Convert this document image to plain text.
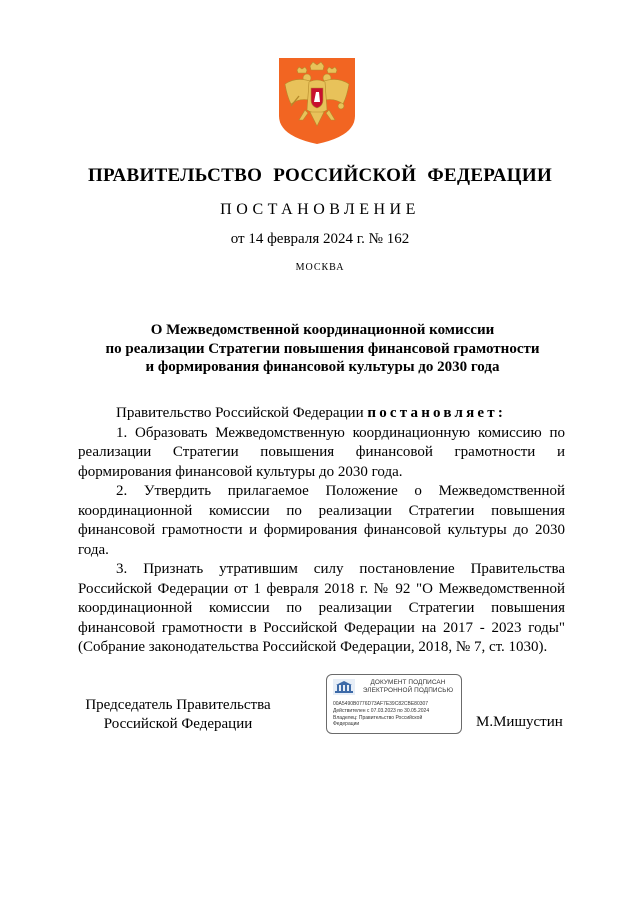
ПРАВИТЕЛЬСТВО РОССИЙСКОЙ ФЕДЕРАЦИИ
ПОСТАНОВЛЕНИЕ
от 14 февраля 2024 г. № 162
МОСКВА
О Межведомственной координационной комиссии
по реализации Стратегии повышения финансовой грамотности
и формирования финансовой культуры до 2030 года

Правительство Российской Федерации постановляет:

1. Образовать Межведомственную координационную комиссию по реализации Стратегии повышения финансовой грамотности и формирования финансовой культуры до 2030 года.

2. Утвердить прилагаемое Положение о Межведомственной координационной комиссии по реализации Стратегии повышения финансовой грамотности и формирования финансовой культуры до 2030 года.

3. Признать утратившим силу постановление Правительства Российской Федерации от 1 февраля 2018 г. № 92 "О Межведомственной координационной комиссии по реализации Стратегии повышения финансовой грамотности в Российской Федерации на 2017 - 2023 годы" (Собрание законодательства Российской Федерации, 2018, № 7, ст. 1030).

Председатель Правительства
Российской Федерации
ДОКУМЕНТ ПОДПИСАН
ЭЛЕКТРОННОЙ ПОДПИСЬЮ
00A5490B0776D73AF7E39C82CBE80307
Действителен с 07.03.2023 по 30.05.2024
Владелец: Правительство Российской
Федерации	М.Мишустин
